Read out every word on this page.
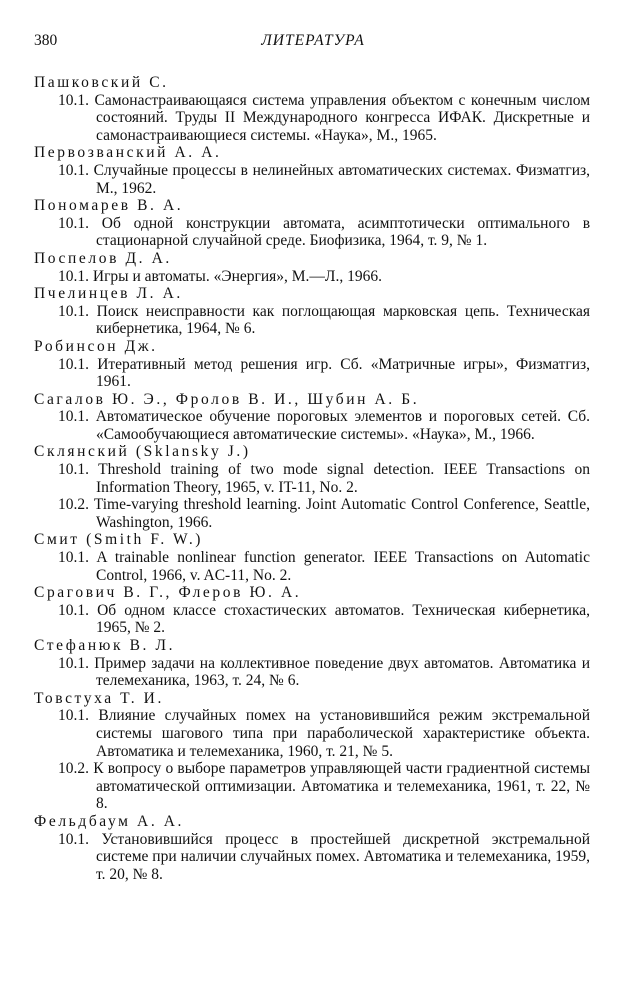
380	ЛИТЕРАТУРА
Пашковский С.
10.1. Самонастраивающаяся система управления объектом с конечным числом состояний. Труды II Международного конгресса ИФАК. Дискретные и самонастраивающиеся системы. «Наука», М., 1965.
Первозванский А. А.
10.1. Случайные процессы в нелинейных автоматических системах. Физматгиз, М., 1962.
Пономарев В. А.
10.1. Об одной конструкции автомата, асимптотически оптимального в стационарной случайной среде. Биофизика, 1964, т. 9, № 1.
Поспелов Д. А.
10.1. Игры и автоматы. «Энергия», М.—Л., 1966.
Пчелинцев Л. А.
10.1. Поиск неисправности как поглощающая марковская цепь. Техническая кибернетика, 1964, № 6.
Робинсон Дж.
10.1. Итеративный метод решения игр. Сб. «Матричные игры», Физматгиз, 1961.
Сагалов Ю. Э., Фролов В. И., Шубин А. Б.
10.1. Автоматическое обучение пороговых элементов и пороговых сетей. Сб. «Самообучающиеся автоматические системы». «Наука», М., 1966.
Склянский (Sklansky J.)
10.1. Threshold training of two mode signal detection. IEEE Transactions on Information Theory, 1965, v. IT-11, No. 2.
10.2. Time-varying threshold learning. Joint Automatic Control Conference, Seattle, Washington, 1966.
Смит (Smith F. W.)
10.1. A trainable nonlinear function generator. IEEE Transactions on Automatic Control, 1966, v. AC-11, No. 2.
Срагович В. Г., Флеров Ю. А.
10.1. Об одном классе стохастических автоматов. Техническая кибернетика, 1965, № 2.
Стефанюк В. Л.
10.1. Пример задачи на коллективное поведение двух автоматов. Автоматика и телемеханика, 1963, т. 24, № 6.
Товстуха Т. И.
10.1. Влияние случайных помех на установившийся режим экстремальной системы шагового типа при параболической характеристике объекта. Автоматика и телемеханика, 1960, т. 21, № 5.
10.2. К вопросу о выборе параметров управляющей части градиентной системы автоматической оптимизации. Автоматика и телемеханика, 1961, т. 22, № 8.
Фельдбаум А. А.
10.1. Установившийся процесс в простейшей дискретной экстремальной системе при наличии случайных помех. Автоматика и телемеханика, 1959, т. 20, № 8.
